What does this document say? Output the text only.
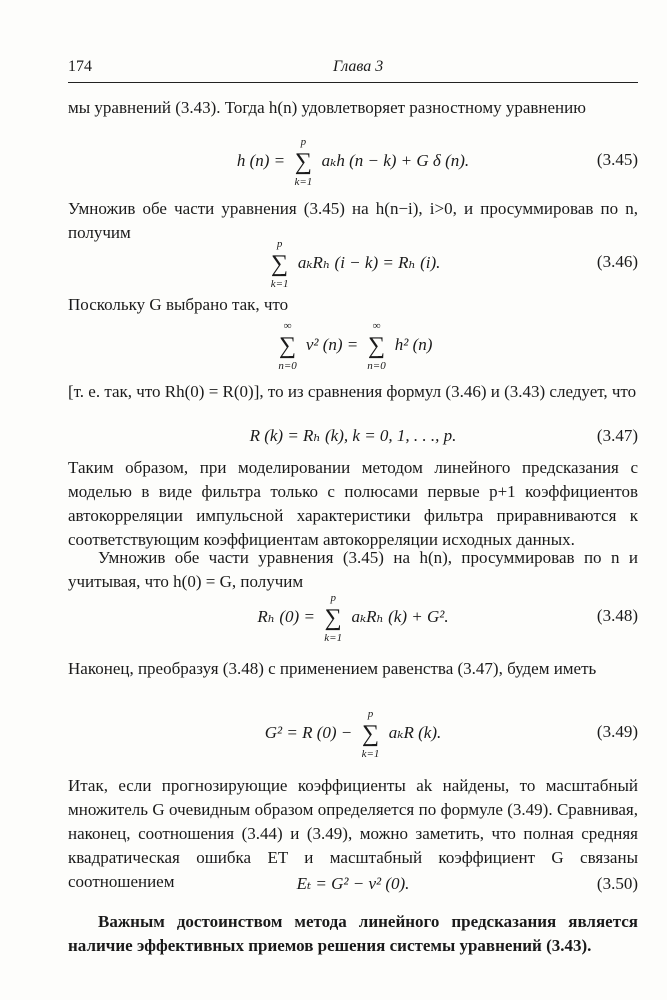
174	Глава 3

мы уравнений (3.43). Тогда h(n) удовлетворяет разностному уравнению

h (n) =
p
∑
k=1
aₖh (n − k) + G δ (n).	(3.45)

Умножив обе части уравнения (3.45) на h(n−i), i>0, и просуммировав по n, получим

p
∑
k=1
aₖRₕ (i − k) = Rₕ (i).	(3.46)

Поскольку G выбрано так, что

∞
∑
n=0
v² (n) =
∞
∑
n=0
h² (n)

[т. е. так, что Rh(0) = R(0)], то из сравнения формул (3.46) и (3.43) следует, что

R (k) = Rₕ (k), k = 0, 1, . . ., p.	(3.47)

Таким образом, при моделировании методом линейного предсказания с моделью в виде фильтра только с полюсами первые p+1 коэффициентов автокорреляции импульсной характеристики фильтра приравниваются к соответствующим коэффициентам автокорреляции исходных данных.

Умножив обе части уравнения (3.45) на h(n), просуммировав по n и учитывая, что h(0) = G, получим

Rₕ (0) =
p
∑
k=1
aₖRₕ (k) + G².	(3.48)

Наконец, преобразуя (3.48) с применением равенства (3.47), будем иметь

G² = R (0) −
p
∑
k=1
aₖR (k).	(3.49)

Итак, если прогнозирующие коэффициенты ak найдены, то масштабный множитель G очевидным образом определяется по формуле (3.49). Сравнивая, наконец, соотношения (3.44) и (3.49), можно заметить, что полная средняя квадратическая ошибка ET и масштабный коэффициент G связаны соотношением	Eₜ = G² − v² (0).	(3.50)

Важным достоинством метода линейного предсказания является наличие эффективных приемов решения системы уравнений (3.43).
